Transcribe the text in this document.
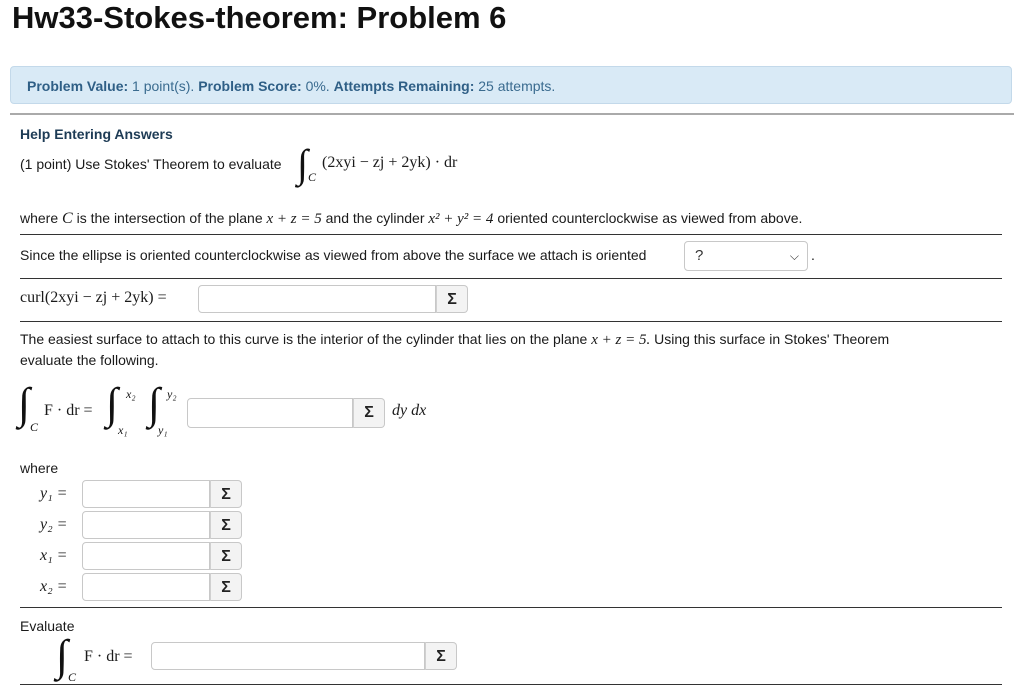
Hw33-Stokes-theorem: Problem 6
Problem Value: 1 point(s). Problem Score: 0%. Attempts Remaining: 25 attempts.
Help Entering Answers
(1 point) Use Stokes' Theorem to evaluate ∫ C
(2xyi − zj + 2yk) · dr
where C is the intersection of the plane x + z = 5 and the cylinder x² + y² = 4 oriented counterclockwise as viewed from above.
Since the ellipse is oriented counterclockwise as viewed from above the surface we attach is oriented	?	⌵ .
curl(2xyi − zj + 2yk) =	Σ
The easiest surface to attach to this curve is the interior of the cylinder that lies on the plane x + z = 5. Using this surface in Stokes' Theorem
evaluate the following.
∫ C
F · dr = ∫ x₂
x₁
∫ y₂
y₁
Σ	dy dx
where
y₁ =	Σ
y₂ =	Σ
x₁ =	Σ
x₂ =	Σ
Evaluate
∫ C
F · dr =	Σ
